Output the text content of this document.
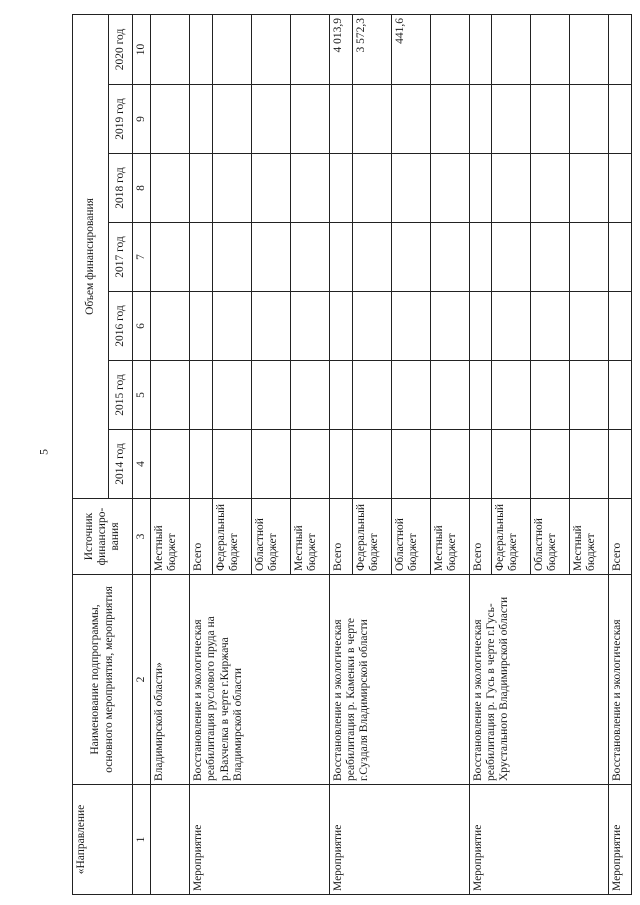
5
«Направление	Наименование подпрограммы, основного мероприятия, мероприятия	Источник финансиро-вания	Объем финансирования						
			2014 год	2015 год	2016 год	2017 год	2018 год	2019 год	2020 год
1	2	3	4	5	6	7	8	9	10
	Владимирской области»	Местный бюджет							
Мероприятие	Восстановление и экологическая реабилитация руслового пруда на р.Вахчелка в черте г.Киржача Владимирской области	Всего							
		Федеральный бюджет							
		Областной бюджет							
		Местный бюджет							
Мероприятие	Восстановление и экологическая реабилитация р. Каменки в черте г.Суздаля Владимирской области	Всего							4 013,9
		Федеральный бюджет							3 572,3
		Областной бюджет							441,6
		Местный бюджет							
Мероприятие	Восстановление и экологическая реабилитация р. Гусь в черте г.Гусь-Хрустального Владимирской области	Всего							
		Федеральный бюджет							
		Областной бюджет							
		Местный бюджет							
Мероприятие	Восстановление и экологическая	Всего							
